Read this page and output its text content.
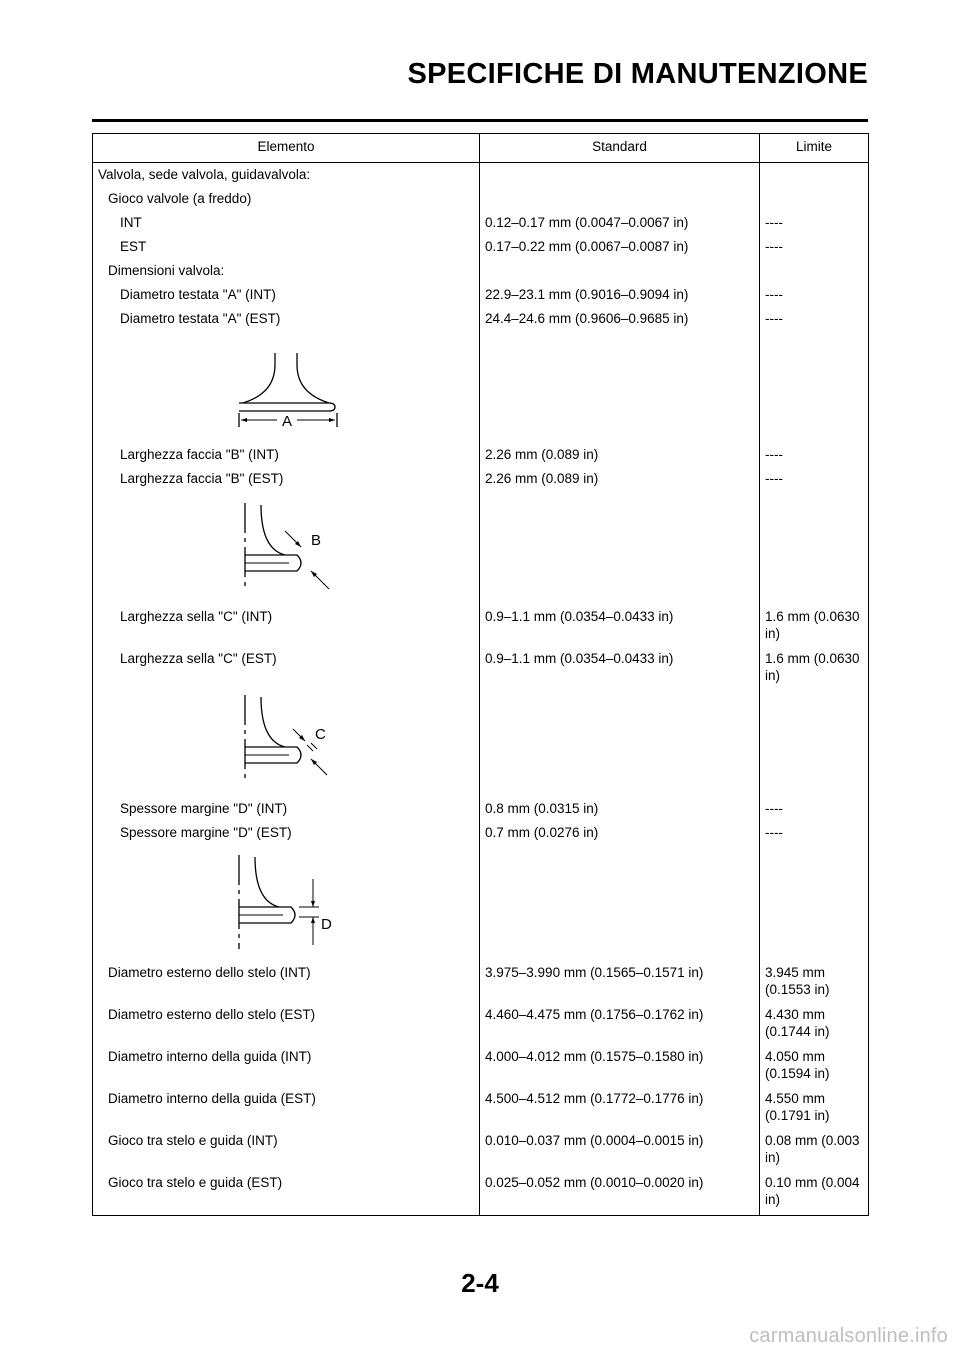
SPECIFICHE DI MANUTENZIONE
Elemento	Standard	Limite
Valvola, sede valvola, guidavalvola:		
Gioco valvole (a freddo)		
INT	0.12–0.17 mm (0.0047–0.0067 in)	----
EST	0.17–0.22 mm (0.0067–0.0087 in)	----
Dimensioni valvola:		
Diametro testata "A" (INT)	22.9–23.1 mm (0.9016–0.9094 in)	----
Diametro testata "A" (EST)	24.4–24.6 mm (0.9606–0.9685 in)	----

A		

Larghezza faccia "B" (INT)	2.26 mm (0.089 in)	----
Larghezza faccia "B" (EST)	2.26 mm (0.089 in)	----

B		

Larghezza sella "C" (INT)	0.9–1.1 mm (0.0354–0.0433 in)	1.6 mm (0.0630 in)
Larghezza sella "C" (EST)	0.9–1.1 mm (0.0354–0.0433 in)	1.6 mm (0.0630 in)

C		

Spessore margine "D" (INT)	0.8 mm (0.0315 in)	----
Spessore margine "D" (EST)	0.7 mm (0.0276 in)	----

D		

Diametro esterno dello stelo (INT)	3.975–3.990 mm (0.1565–0.1571 in)	3.945 mm (0.1553 in)
Diametro esterno dello stelo (EST)	4.460–4.475 mm (0.1756–0.1762 in)	4.430 mm (0.1744 in)
Diametro interno della guida (INT)	4.000–4.012 mm (0.1575–0.1580 in)	4.050 mm (0.1594 in)
Diametro interno della guida (EST)	4.500–4.512 mm (0.1772–0.1776 in)	4.550 mm (0.1791 in)
Gioco tra stelo e guida (INT)	0.010–0.037 mm (0.0004–0.0015 in)	0.08 mm (0.003 in)
Gioco tra stelo e guida (EST)	0.025–0.052 mm (0.0010–0.0020 in)	0.10 mm (0.004 in)
2-4
carmanualsonline.info
